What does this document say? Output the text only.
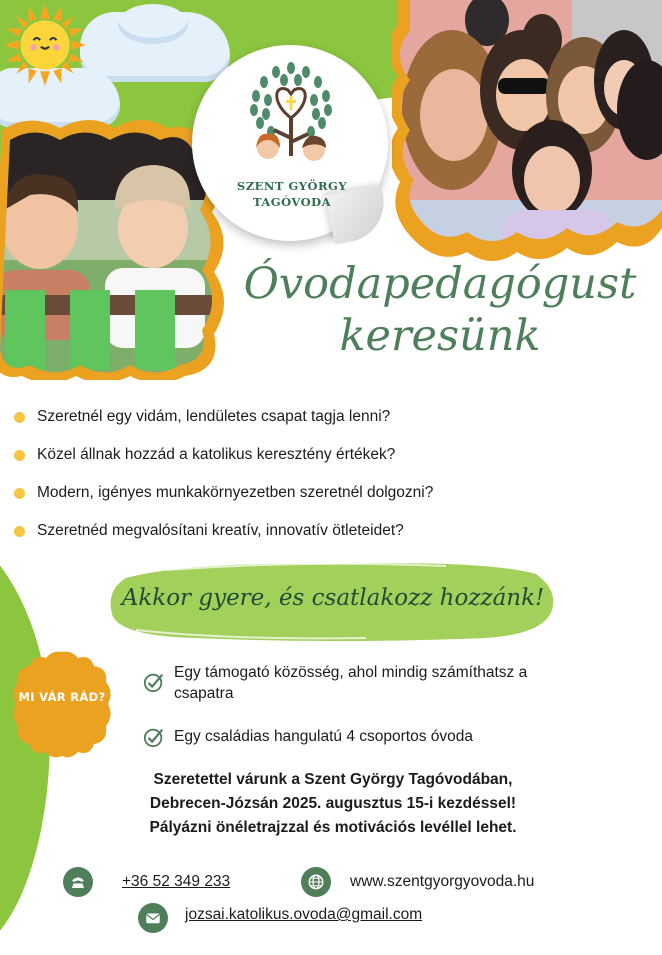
SZENT GYÖRGY
TAGÓVODA
Óvodapedagógust
keresünk
Szeretnél egy vidám, lendületes csapat tagja lenni?
Közel állnak hozzád a katolikus keresztény értékek?
Modern, igényes munkakörnyezetben szeretnél dolgozni?
Szeretnéd megvalósítani kreatív, innovatív ötleteidet?
Akkor gyere, és csatlakozz hozzánk!
MI VÁR RÁD?
Egy támogató közösség, ahol mindig számíthatsz a csapatra
Egy családias hangulatú 4 csoportos óvoda
Szeretettel várunk a Szent György Tagóvodában,
Debrecen-Józsán 2025. augusztus 15-i kezdéssel!
Pályázni önéletrajzzal és motivációs levéllel lehet.
+36 52 349 233	www.szentgyorgyovoda.hu
jozsai.katolikus.ovoda@gmail.com
